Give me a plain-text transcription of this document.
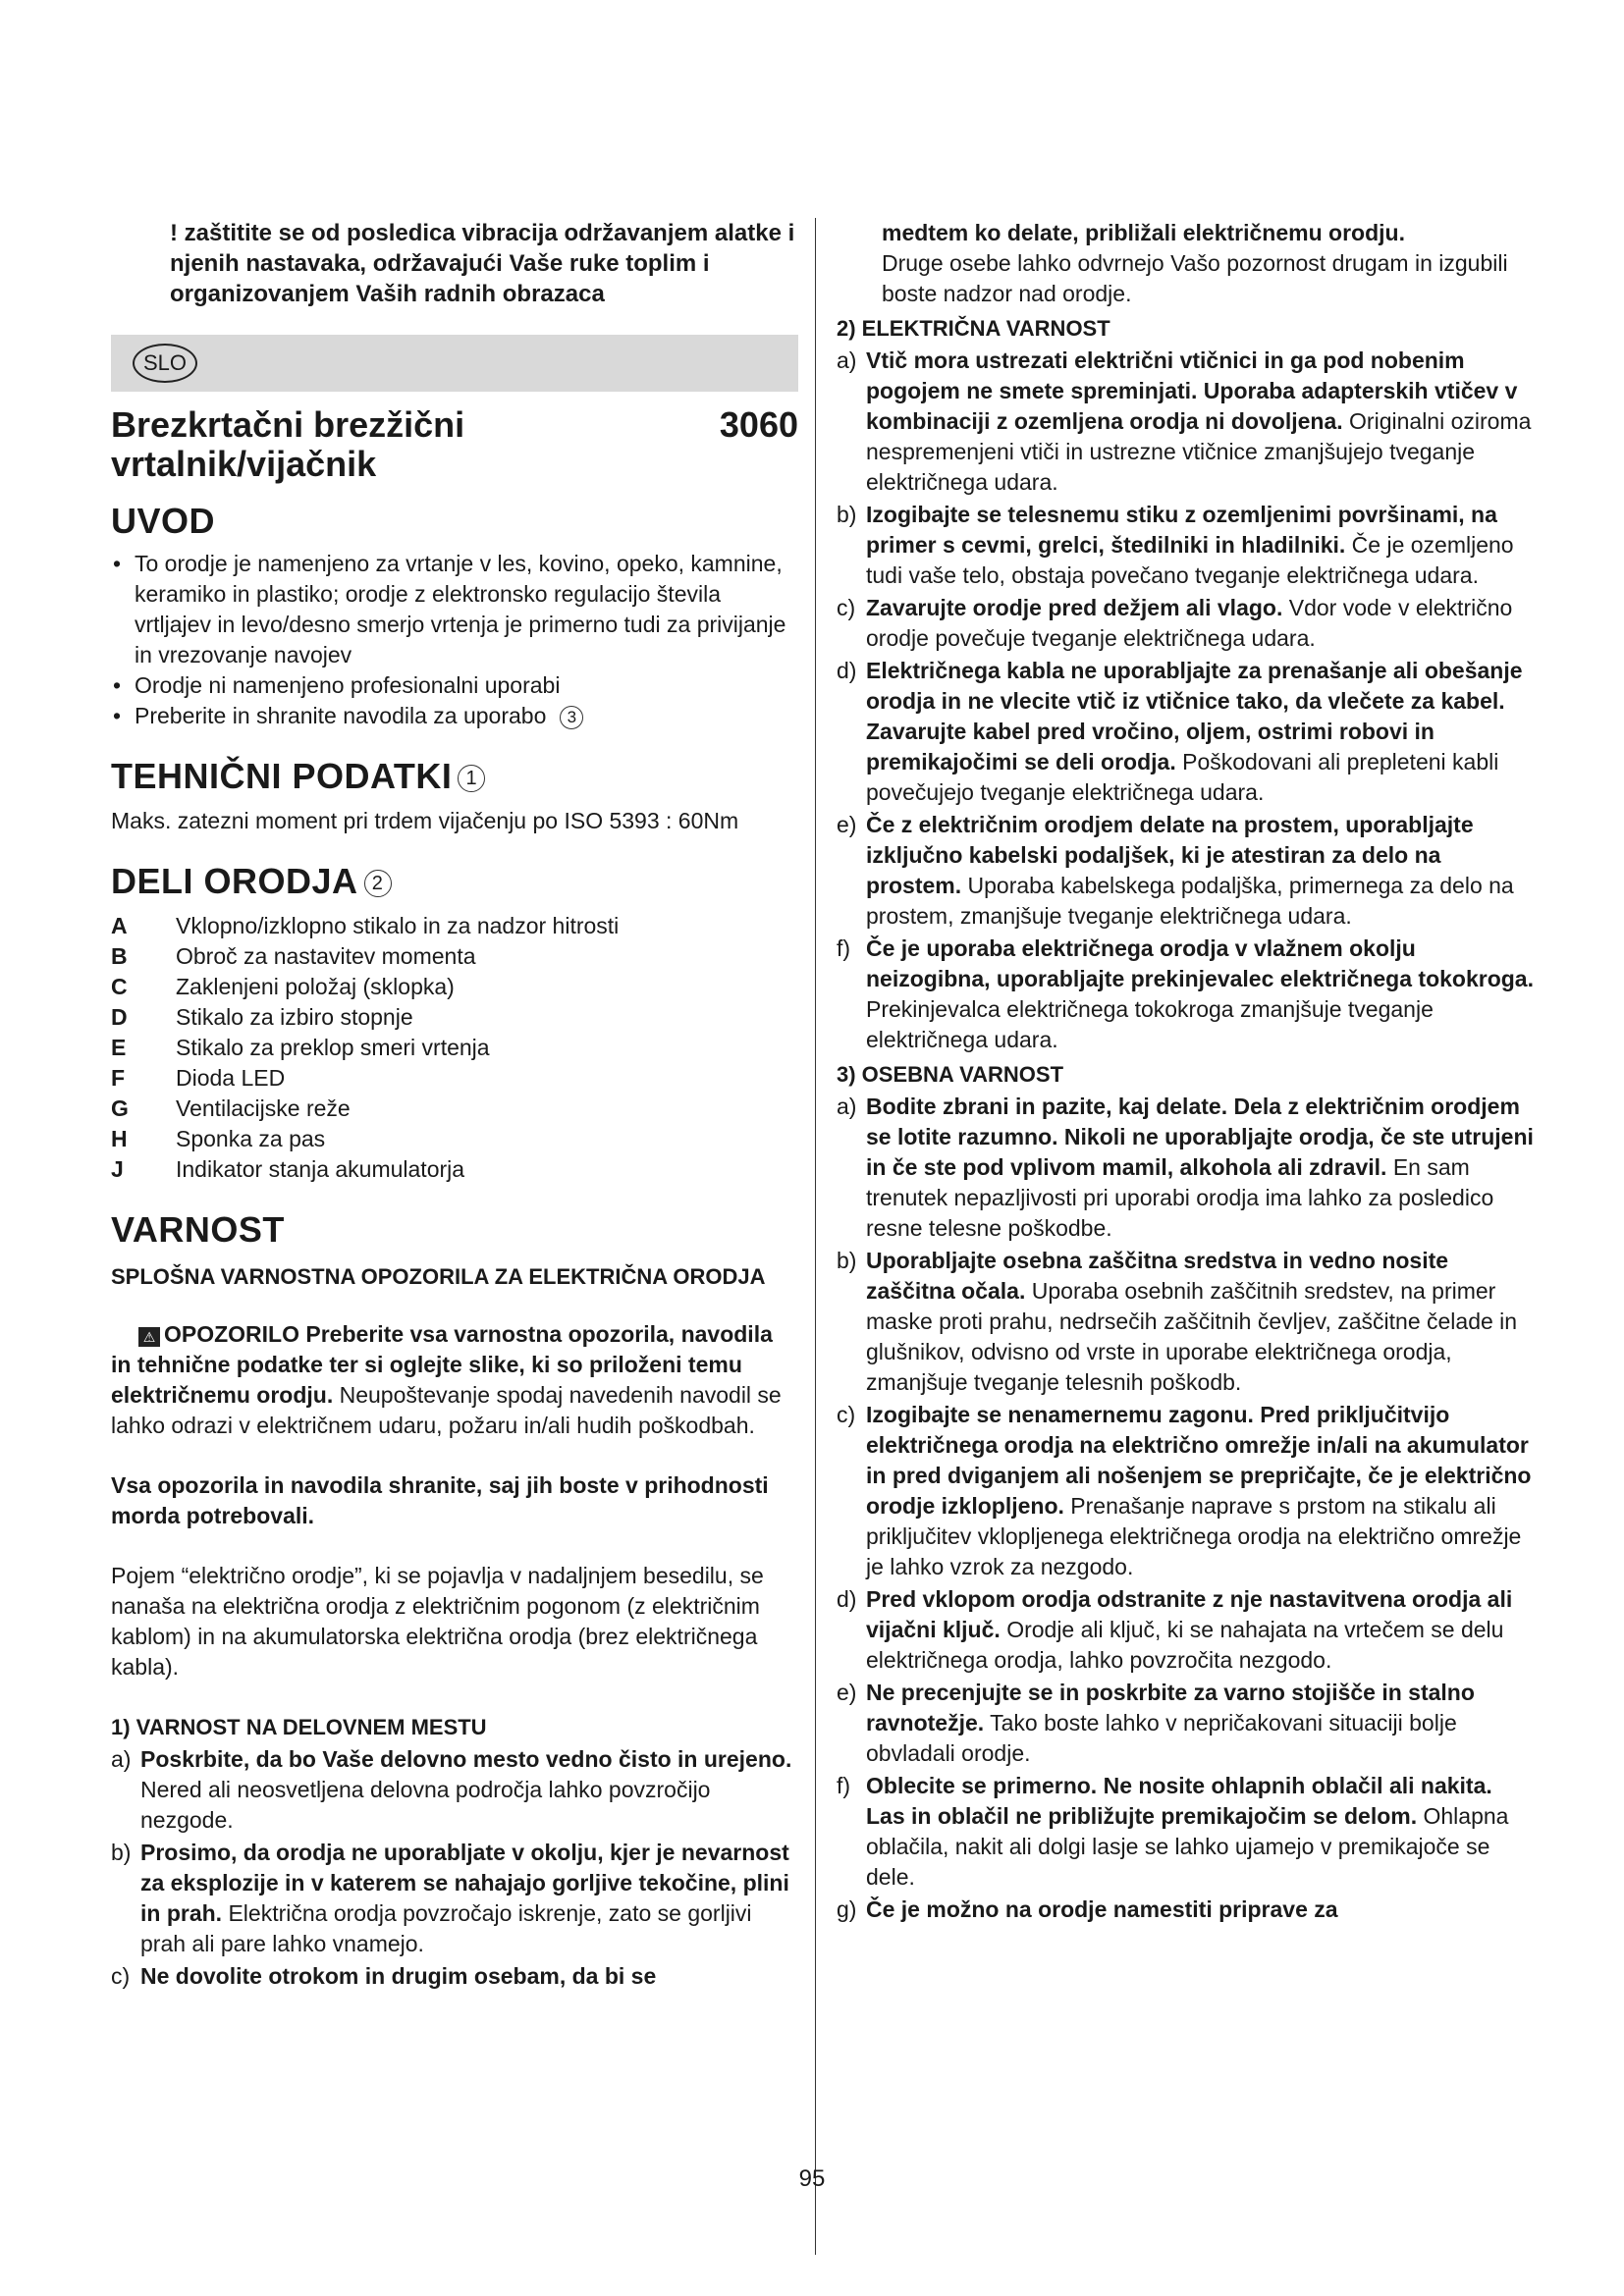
! zaštitite se od posledica vibracija održavanjem alatke i njenih nastavaka, održavajući Vaše ruke toplim i organizovanjem Vaših radnih obrazaca
SLO
Brezkrtačni brezžični vrtalnik/vijačnik
3060
UVOD
• To orodje je namenjeno za vrtanje v les, kovino, opeko, kamnine, keramiko in plastiko; orodje z elektronsko regulacijo števila vrtljajev in levo/desno smerjo vrtenja je primerno tudi za privijanje in vrezovanje navojev
• Orodje ni namenjeno profesionalni uporabi
• Preberite in shranite navodila za uporabo 3
TEHNIČNI PODATKI 1
Maks. zatezni moment pri trdem vijačenju po ISO 5393 : 60Nm
DELI ORODJA 2
A	Vklopno/izklopno stikalo in za nadzor hitrosti
B	Obroč za nastavitev momenta
C	Zaklenjeni položaj (sklopka)
D	Stikalo za izbiro stopnje
E	Stikalo za preklop smeri vrtenja
F	Dioda LED
G	Ventilacijske reže
H	Sponka za pas
J	Indikator stanja akumulatorja
VARNOST
SPLOŠNA VARNOSTNA OPOZORILA ZA ELEKTRIČNA ORODJA

⚠ OPOZORILO Preberite vsa varnostna opozorila, navodila in tehnične podatke ter si oglejte slike, ki so priloženi temu električnemu orodju. Neupoštevanje spodaj navedenih navodil se lahko odrazi v električnem udaru, požaru in/ali hudih poškodbah.

Vsa opozorila in navodila shranite, saj jih boste v prihodnosti morda potrebovali.

Pojem “električno orodje”, ki se pojavlja v nadaljnjem besedilu, se nanaša na električna orodja z električnim pogonom (z električnim kablom) in na akumulatorska električna orodja (brez električnega kabla).

1) VARNOST NA DELOVNEM MESTU
a) Poskrbite, da bo Vaše delovno mesto vedno čisto in urejeno. Nered ali neosvetljena delovna področja lahko povzročijo nezgode.
b) Prosimo, da orodja ne uporabljate v okolju, kjer je nevarnost za eksplozije in v katerem se nahajajo gorljive tekočine, plini in prah. Električna orodja povzročajo iskrenje, zato se gorljivi prah ali pare lahko vnamejo.
c) Ne dovolite otrokom in drugim osebam, da bi se
medtem ko delate, približali električnemu orodju.
Druge osebe lahko odvrnejo Vašo pozornost drugam in izgubili boste nadzor nad orodje.
2) ELEKTRIČNA VARNOST
a) Vtič mora ustrezati električni vtičnici in ga pod nobenim pogojem ne smete spreminjati. Uporaba adapterskih vtičev v kombinaciji z ozemljena orodja ni dovoljena. Originalni oziroma nespremenjeni vtiči in ustrezne vtičnice zmanjšujejo tveganje električnega udara.
b) Izogibajte se telesnemu stiku z ozemljenimi površinami, na primer s cevmi, grelci, štedilniki in hladilniki. Če je ozemljeno tudi vaše telo, obstaja povečano tveganje električnega udara.
c) Zavarujte orodje pred dežjem ali vlago. Vdor vode v električno orodje povečuje tveganje električnega udara.
d) Električnega kabla ne uporabljajte za prenašanje ali obešanje orodja in ne vlecite vtič iz vtičnice tako, da vlečete za kabel. Zavarujte kabel pred vročino, oljem, ostrimi robovi in premikajočimi se deli orodja. Poškodovani ali prepleteni kabli povečujejo tveganje električnega udara.
e) Če z električnim orodjem delate na prostem, uporabljajte izključno kabelski podaljšek, ki je atestiran za delo na prostem. Uporaba kabelskega podaljška, primernega za delo na prostem, zmanjšuje tveganje električnega udara.
f) Če je uporaba električnega orodja v vlažnem okolju neizogibna, uporabljajte prekinjevalec električnega tokokroga. Prekinjevalca električnega tokokroga zmanjšuje tveganje električnega udara.
3) OSEBNA VARNOST
a) Bodite zbrani in pazite, kaj delate. Dela z električnim orodjem se lotite razumno. Nikoli ne uporabljajte orodja, če ste utrujeni in če ste pod vplivom mamil, alkohola ali zdravil. En sam trenutek nepazljivosti pri uporabi orodja ima lahko za posledico resne telesne poškodbe.
b) Uporabljajte osebna zaščitna sredstva in vedno nosite zaščitna očala. Uporaba osebnih zaščitnih sredstev, na primer maske proti prahu, nedrsečih zaščitnih čevljev, zaščitne čelade in glušnikov, odvisno od vrste in uporabe električnega orodja, zmanjšuje tveganje telesnih poškodb.
c) Izogibajte se nenamernemu zagonu. Pred priključitvijo električnega orodja na električno omrežje in/ali na akumulator in pred dviganjem ali nošenjem se prepričajte, če je električno orodje izklopljeno. Prenašanje naprave s prstom na stikalu ali priključitev vklopljenega električnega orodja na električno omrežje je lahko vzrok za nezgodo.
d) Pred vklopom orodja odstranite z nje nastavitvena orodja ali vijačni ključ. Orodje ali ključ, ki se nahajata na vrtečem se delu električnega orodja, lahko povzročita nezgodo.
e) Ne precenjujte se in poskrbite za varno stojišče in stalno ravnotežje. Tako boste lahko v nepričakovani situaciji bolje obvladali orodje.
f) Oblecite se primerno. Ne nosite ohlapnih oblačil ali nakita. Las in oblačil ne približujte premikajočim se delom. Ohlapna oblačila, nakit ali dolgi lasje se lahko ujamejo v premikajoče se dele.
g) Če je možno na orodje namestiti priprave za
95
